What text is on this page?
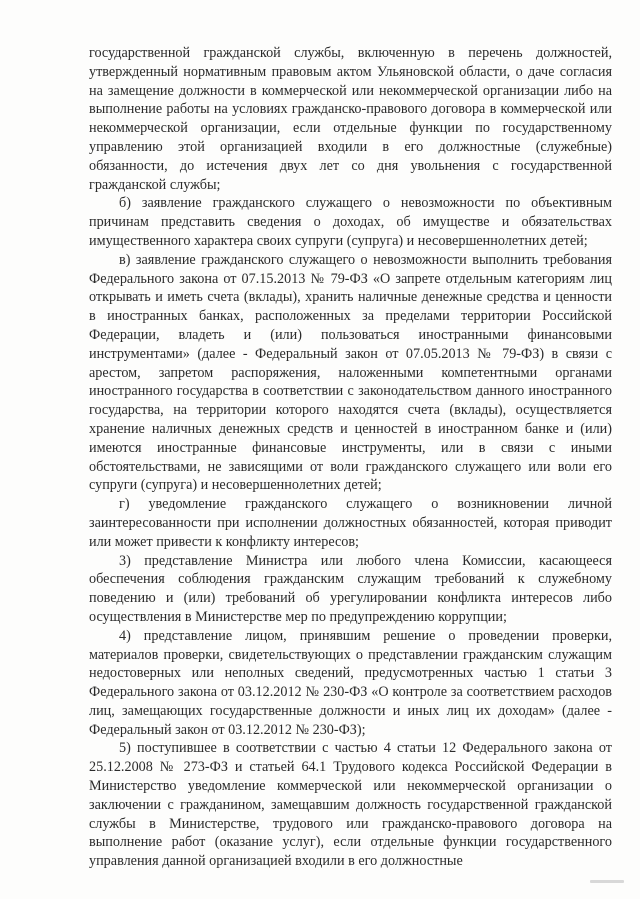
государственной гражданской службы, включенную в перечень должностей, утвержденный нормативным правовым актом Ульяновской области, о даче согласия на замещение должности в коммерческой или некоммерческой организации либо на выполнение работы на условиях гражданско-правового договора в коммерческой или некоммерческой организации, если отдельные функции по государственному управлению этой организацией входили в его должностные (служебные) обязанности, до истечения двух лет со дня увольнения с государственной гражданской службы;

б) заявление гражданского служащего о невозможности по объективным причинам представить сведения о доходах, об имуществе и обязательствах имущественного характера своих супруги (супруга) и несовершеннолетних детей;

в) заявление гражданского служащего о невозможности выполнить требования Федерального закона от 07.15.2013 № 79-ФЗ «О запрете отдельным категориям лиц открывать и иметь счета (вклады), хранить наличные денежные средства и ценности в иностранных банках, расположенных за пределами территории Российской Федерации, владеть и (или) пользоваться иностранными финансовыми инструментами» (далее - Федеральный закон от 07.05.2013 № 79-ФЗ) в связи с арестом, запретом распоряжения, наложенными компетентными органами иностранного государства в соответствии с законодательством данного иностранного государства, на территории которого находятся счета (вклады), осуществляется хранение наличных денежных средств и ценностей в иностранном банке и (или) имеются иностранные финансовые инструменты, или в связи с иными обстоятельствами, не зависящими от воли гражданского служащего или воли его супруги (супруга) и несовершеннолетних детей;

г) уведомление гражданского служащего о возникновении личной заинтересованности при исполнении должностных обязанностей, которая приводит или может привести к конфликту интересов;

3) представление Министра или любого члена Комиссии, касающееся обеспечения соблюдения гражданским служащим требований к служебному поведению и (или) требований об урегулировании конфликта интересов либо осуществления в Министерстве мер по предупреждению коррупции;

4) представление лицом, принявшим решение о проведении проверки, материалов проверки, свидетельствующих о представлении гражданским служащим недостоверных или неполных сведений, предусмотренных частью 1 статьи 3 Федерального закона от 03.12.2012 № 230-ФЗ «О контроле за соответствием расходов лиц, замещающих государственные должности и иных лиц их доходам» (далее - Федеральный закон от 03.12.2012 № 230-ФЗ);

5) поступившее в соответствии с частью 4 статьи 12 Федерального закона от 25.12.2008 № 273-ФЗ и статьей 64.1 Трудового кодекса Российской Федерации в Министерство уведомление коммерческой или некоммерческой организации о заключении с гражданином, замещавшим должность государственной гражданской службы в Министерстве, трудового или гражданско-правового договора на выполнение работ (оказание услуг), если отдельные функции государственного управления данной организацией входили в его должностные
